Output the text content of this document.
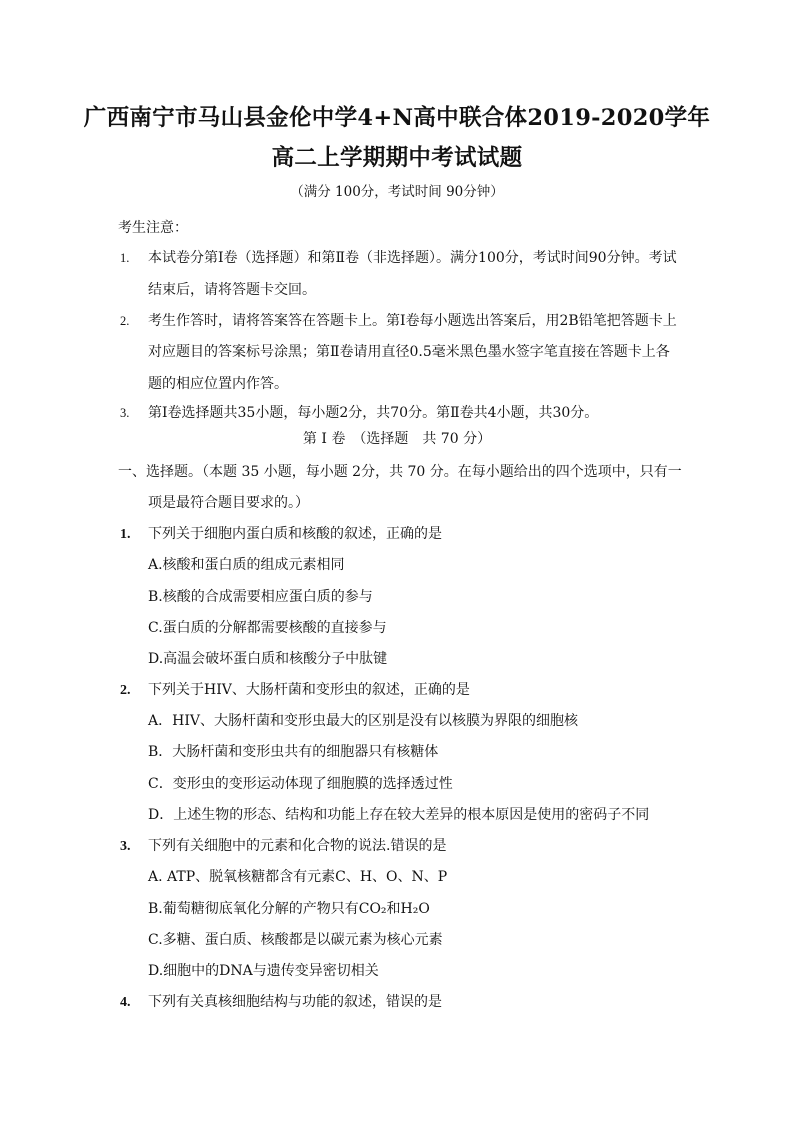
广西南宁市马山县金伦中学4+N高中联合体2019-2020学年
高二上学期期中考试试题
（满分 100分，考试时间 90分钟）
考生注意：
1. 本试卷分第Ⅰ卷（选择题）和第Ⅱ卷（非选择题）。满分100分，考试时间90分钟。考试
结束后，请将答题卡交回。
2. 考生作答时，请将答案答在答题卡上。第Ⅰ卷每小题选出答案后，用2B铅笔把答题卡上
对应题目的答案标号涂黑；第Ⅱ卷请用直径0.5毫米黑色墨水签字笔直接在答题卡上各
题的相应位置内作答。
3. 第Ⅰ卷选择题共35小题，每小题2分，共70分。第Ⅱ卷共4小题，共30分。
第 Ⅰ 卷　（选择题　共 70 分）
一、选择题。（本题 35 小题，每小题 2分，共 70 分。在每小题给出的四个选项中，只有一
项是最符合题目要求的。）
1. 下列关于细胞内蛋白质和核酸的叙述，正确的是
A.核酸和蛋白质的组成元素相同
B.核酸的合成需要相应蛋白质的参与
C.蛋白质的分解都需要核酸的直接参与
D.高温会破坏蛋白质和核酸分子中肽键
2. 下列关于HIV、大肠杆菌和变形虫的叙述，正确的是
A．HIV、大肠杆菌和变形虫最大的区别是没有以核膜为界限的细胞核
B．大肠杆菌和变形虫共有的细胞器只有核糖体
C．变形虫的变形运动体现了细胞膜的选择透过性
D．上述生物的形态、结构和功能上存在较大差异的根本原因是使用的密码子不同
3. 下列有关细胞中的元素和化合物的说法.错误的是
A. ATP、脱氧核糖都含有元素C、H、O、N、P
B.葡萄糖彻底氧化分解的产物只有CO₂和H₂O
C.多糖、蛋白质、核酸都是以碳元素为核心元素
D.细胞中的DNA与遗传变异密切相关
4. 下列有关真核细胞结构与功能的叙述，错误的是
